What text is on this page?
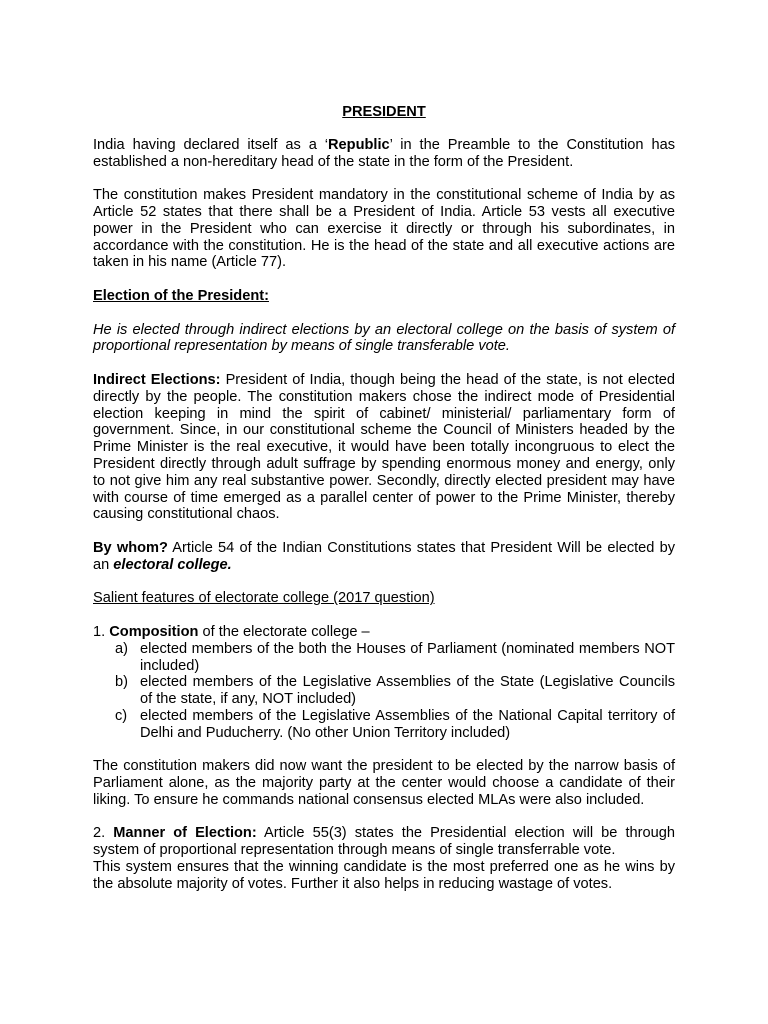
PRESIDENT

India having declared itself as a ‘Republic’ in the Preamble to the Constitution has established a non-hereditary head of the state in the form of the President.

The constitution makes President mandatory in the constitutional scheme of India by as Article 52 states that there shall be a President of India. Article 53 vests all executive power in the President who can exercise it directly or through his subordinates, in accordance with the constitution. He is the head of the state and all executive actions are taken in his name (Article 77).

Election of the President:

He is elected through indirect elections by an electoral college on the basis of system of proportional representation by means of single transferable vote.

Indirect Elections: President of India, though being the head of the state, is not elected directly by the people. The constitution makers chose the indirect mode of Presidential election keeping in mind the spirit of cabinet/ ministerial/ parliamentary form of government. Since, in our constitutional scheme the Council of Ministers headed by the Prime Minister is the real executive, it would have been totally incongruous to elect the President directly through adult suffrage by spending enormous money and energy, only to not give him any real substantive power. Secondly, directly elected president may have with course of time emerged as a parallel center of power to the Prime Minister, thereby causing constitutional chaos.

By whom? Article 54 of the Indian Constitutions states that President Will be elected by an electoral college.

Salient features of electorate college (2017 question)

1. Composition of the electorate college –

a) elected members of the both the Houses of Parliament (nominated members NOT included)
b) elected members of the Legislative Assemblies of the State (Legislative Councils of the state, if any, NOT included)
c) elected members of the Legislative Assemblies of the National Capital territory of Delhi and Puducherry. (No other Union Territory included)

The constitution makers did now want the president to be elected by the narrow basis of Parliament alone, as the majority party at the center would choose a candidate of their liking. To ensure he commands national consensus elected MLAs were also included.

2. Manner of Election: Article 55(3) states the Presidential election will be through system of proportional representation through means of single transferrable vote.

This system ensures that the winning candidate is the most preferred one as he wins by the absolute majority of votes. Further it also helps in reducing wastage of votes.
